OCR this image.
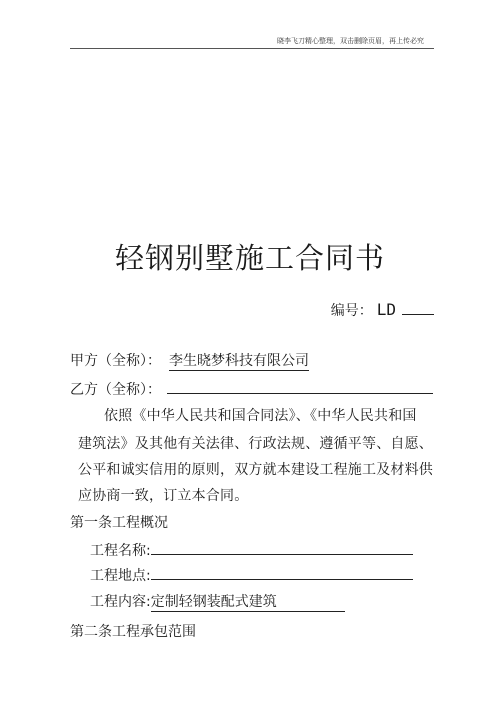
晓李飞刀精心整理，双击删除页眉，再上传必究
轻钢别墅施工合同书
编号： LD
甲方（全称）： 李生晓梦科技有限公司
乙方（全称）：
依照《中华人民共和国合同法》、《中华人民共和国
建筑法》及其他有关法律、行政法规、遵循平等、自愿、
公平和诚实信用的原则，双方就本建设工程施工及材料供
应协商一致，订立本合同。
第一条工程概况
工程名称:
工程地点:
工程内容:定制轻钢装配式建筑
第二条工程承包范围
